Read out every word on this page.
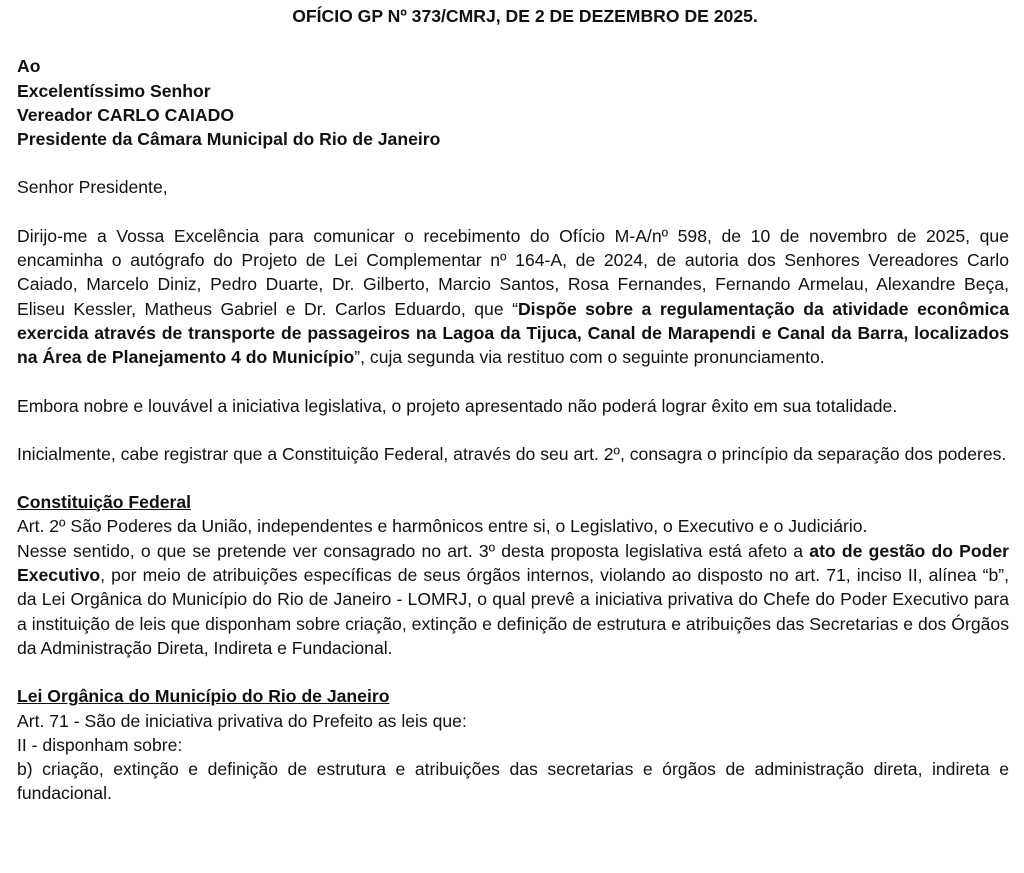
OFÍCIO GP Nº 373/CMRJ, DE 2 DE DEZEMBRO DE 2025.

Ao

Excelentíssimo Senhor

Vereador CARLO CAIADO

Presidente da Câmara Municipal do Rio de Janeiro

Senhor Presidente,

Dirijo-me a Vossa Excelência para comunicar o recebimento do Ofício M-A/nº 598, de 10 de novembro de 2025, que encaminha o autógrafo do Projeto de Lei Complementar nº 164-A, de 2024, de autoria dos Senhores Vereadores Carlo Caiado, Marcelo Diniz, Pedro Duarte, Dr. Gilberto, Marcio Santos, Rosa Fernandes, Fernando Armelau, Alexandre Beça, Eliseu Kessler, Matheus Gabriel e Dr. Carlos Eduardo, que “Dispõe sobre a regulamentação da atividade econômica exercida através de transporte de passageiros na Lagoa da Tijuca, Canal de Marapendi e Canal da Barra, localizados na Área de Planejamento 4 do Município”, cuja segunda via restituo com o seguinte pronunciamento.

Embora nobre e louvável a iniciativa legislativa, o projeto apresentado não poderá lograr êxito em sua totalidade.

Inicialmente, cabe registrar que a Constituição Federal, através do seu art. 2º, consagra o princípio da separação dos poderes.

Constituição Federal

Art. 2º São Poderes da União, independentes e harmônicos entre si, o Legislativo, o Executivo e o Judiciário.

Nesse sentido, o que se pretende ver consagrado no art. 3º desta proposta legislativa está afeto a ato de gestão do Poder Executivo, por meio de atribuições específicas de seus órgãos internos, violando ao disposto no art. 71, inciso II, alínea “b”, da Lei Orgânica do Município do Rio de Janeiro - LOMRJ, o qual prevê a iniciativa privativa do Chefe do Poder Executivo para a instituição de leis que disponham sobre criação, extinção e definição de estrutura e atribuições das Secretarias e dos Órgãos da Administração Direta, Indireta e Fundacional.

Lei Orgânica do Município do Rio de Janeiro

Art. 71 - São de iniciativa privativa do Prefeito as leis que:

II - disponham sobre:

b) criação, extinção e definição de estrutura e atribuições das secretarias e órgãos de administração direta, indireta e fundacional.
